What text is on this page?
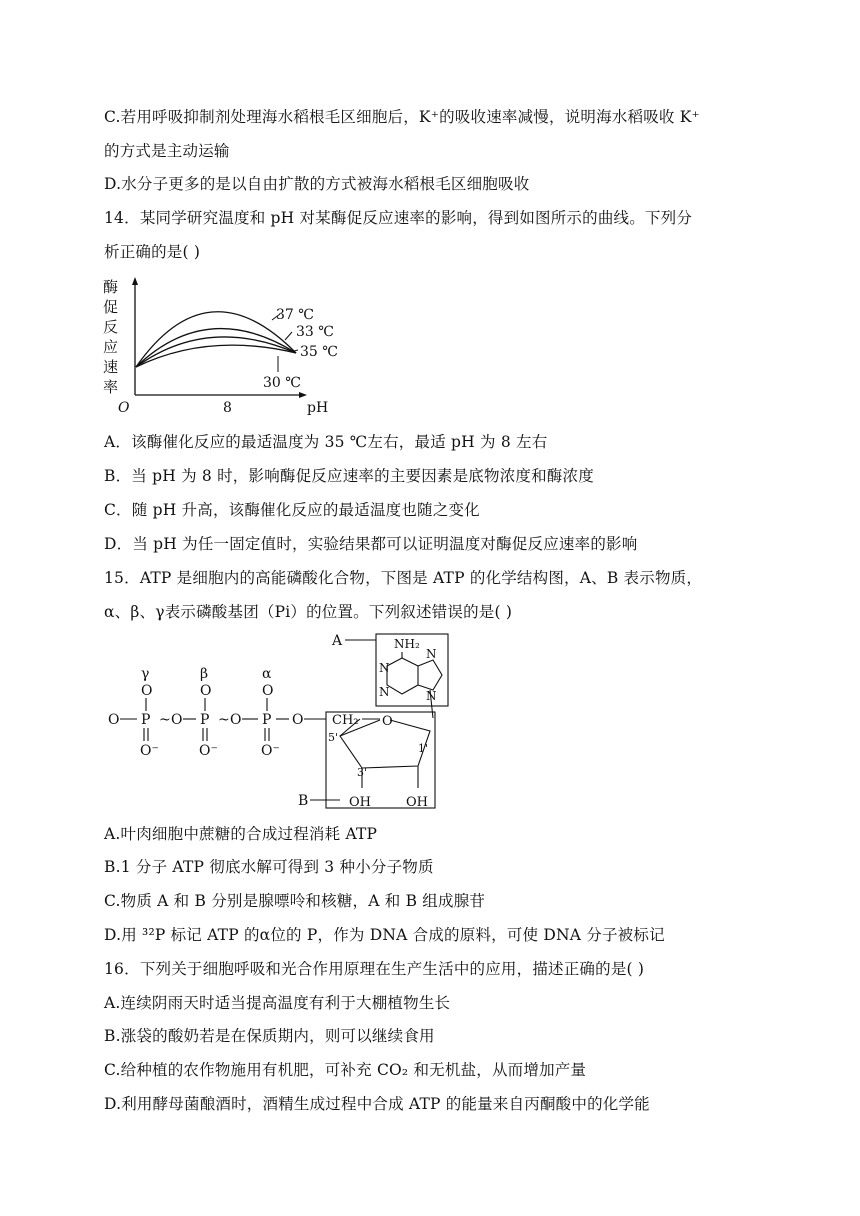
C.若用呼吸抑制剂处理海水稻根毛区细胞后，K⁺的吸收速率减慢，说明海水稻吸收 K⁺
的方式是主动运输
D.水分子更多的是以自由扩散的方式被海水稻根毛区细胞吸收
14．某同学研究温度和 pH 对某酶促反应速率的影响，得到如图所示的曲线。下列分
析正确的是( )
酶
促
反
应
速
率
37 ℃
33 ℃
35 ℃
30 ℃
O	8	pH
A．该酶催化反应的最适温度为 35 ℃左右，最适 pH 为 8 左右
B．当 pH 为 8 时，影响酶促反应速率的主要因素是底物浓度和酶浓度
C．随 pH 升高，该酶催化反应的最适温度也随之变化
D．当 pH 为任一固定值时，实验结果都可以证明温度对酶促反应速率的影响
15．ATP 是细胞内的高能磷酸化合物，下图是 ATP 的化学结构图，A、B 表示物质，
α、β、γ表示磷酸基团（Pi）的位置。下列叙述错误的是( )
γ	β	α
O	O	O
O P ~ O P ~ O P O
O⁻	O⁻	O⁻
A
B
NH₂
N
N
N
N
CH₂ O
OH	OH
5'
3'
1'
A.叶肉细胞中蔗糖的合成过程消耗 ATP
B.1 分子 ATP 彻底水解可得到 3 种小分子物质
C.物质 A 和 B 分别是腺嘌呤和核糖，A 和 B 组成腺苷
D.用 ³²P 标记 ATP 的α位的 P，作为 DNA 合成的原料，可使 DNA 分子被标记
16．下列关于细胞呼吸和光合作用原理在生产生活中的应用，描述正确的是( )
A.连续阴雨天时适当提高温度有利于大棚植物生长
B.涨袋的酸奶若是在保质期内，则可以继续食用
C.给种植的农作物施用有机肥，可补充 CO₂ 和无机盐，从而增加产量
D.利用酵母菌酿酒时，酒精生成过程中合成 ATP 的能量来自丙酮酸中的化学能
